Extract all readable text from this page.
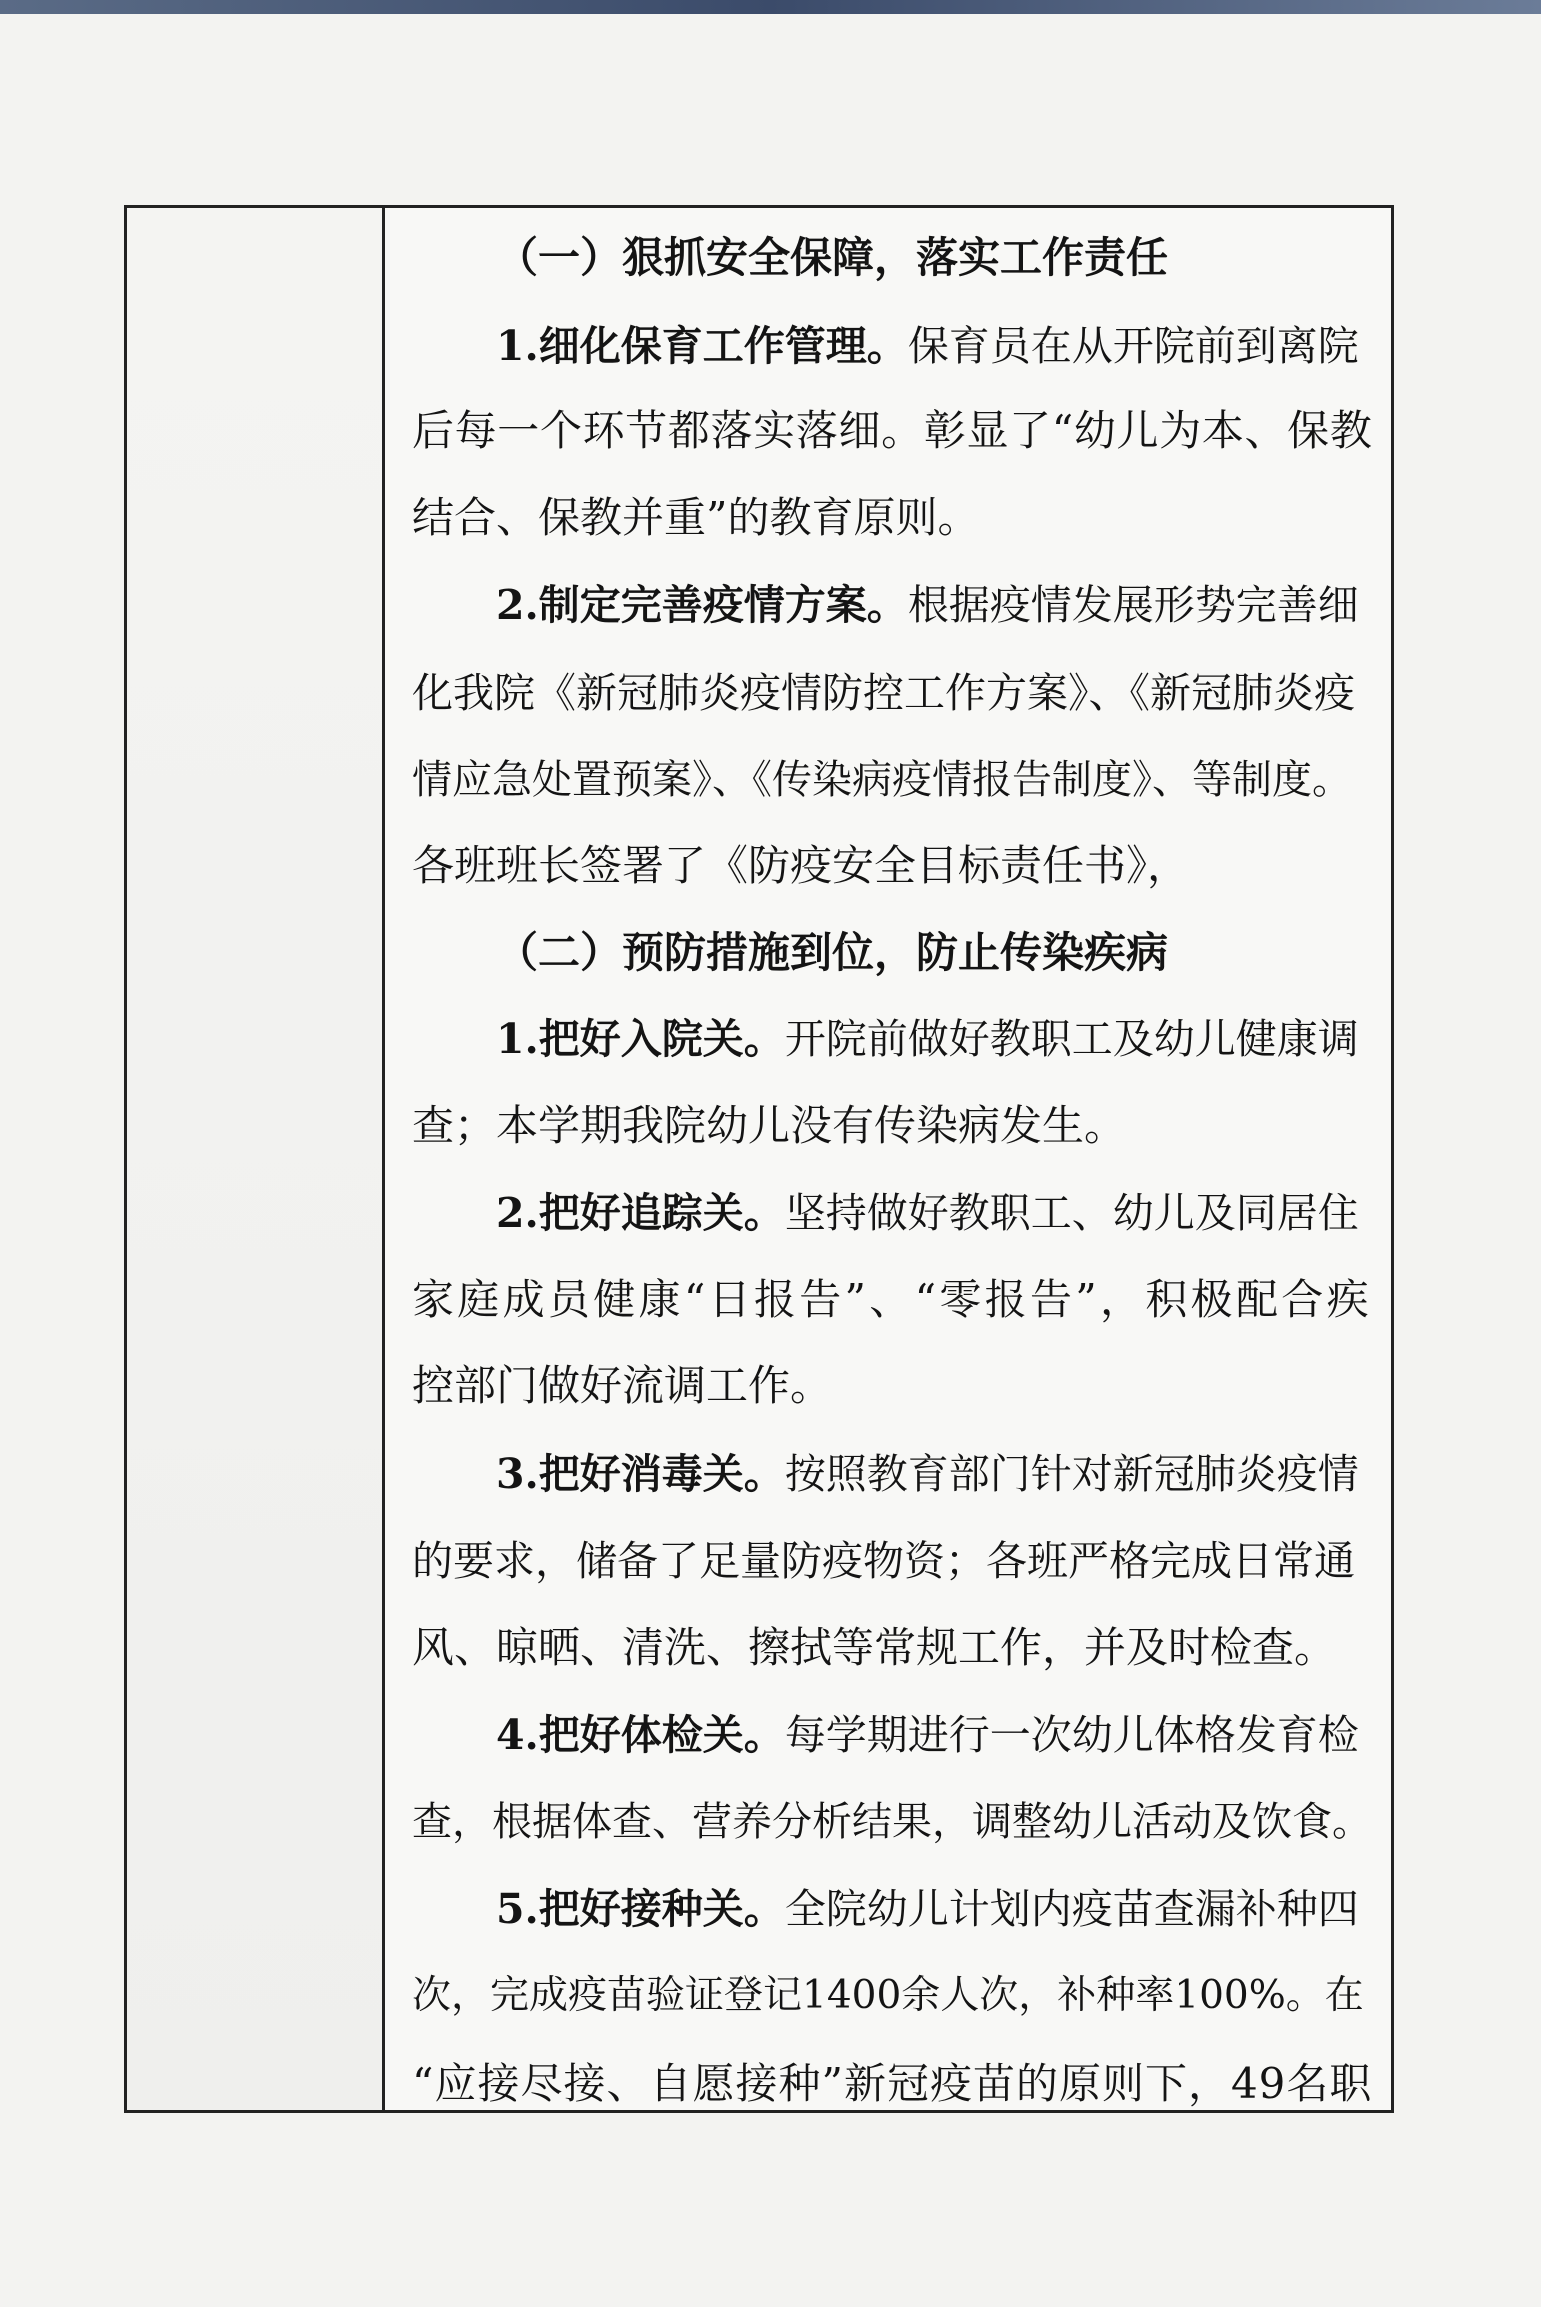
（一）狠抓安全保障，落实工作责任
1.细化保育工作管理。保育员在从开院前到离院
后每一个环节都落实落细。彰显了“幼儿为本、保教
结合、保教并重”的教育原则。
2.制定完善疫情方案。根据疫情发展形势完善细
化我院《新冠肺炎疫情防控工作方案》、《新冠肺炎疫
情应急处置预案》、《传染病疫情报告制度》、等制度。
各班班长签署了《防疫安全目标责任书》，
（二）预防措施到位，防止传染疾病
1.把好入院关。开院前做好教职工及幼儿健康调
查；本学期我院幼儿没有传染病发生。
2.把好追踪关。坚持做好教职工、幼儿及同居住
家庭成员健康“日报告”、“零报告”，积极配合疾
控部门做好流调工作。
3.把好消毒关。按照教育部门针对新冠肺炎疫情
的要求，储备了足量防疫物资；各班严格完成日常通
风、晾晒、清洗、擦拭等常规工作，并及时检查。
4.把好体检关。每学期进行一次幼儿体格发育检
查，根据体查、营养分析结果，调整幼儿活动及饮食。
5.把好接种关。全院幼儿计划内疫苗查漏补种四
次，完成疫苗验证登记1400余人次，补种率100%。在
“应接尽接、自愿接种”新冠疫苗的原则下，49名职
